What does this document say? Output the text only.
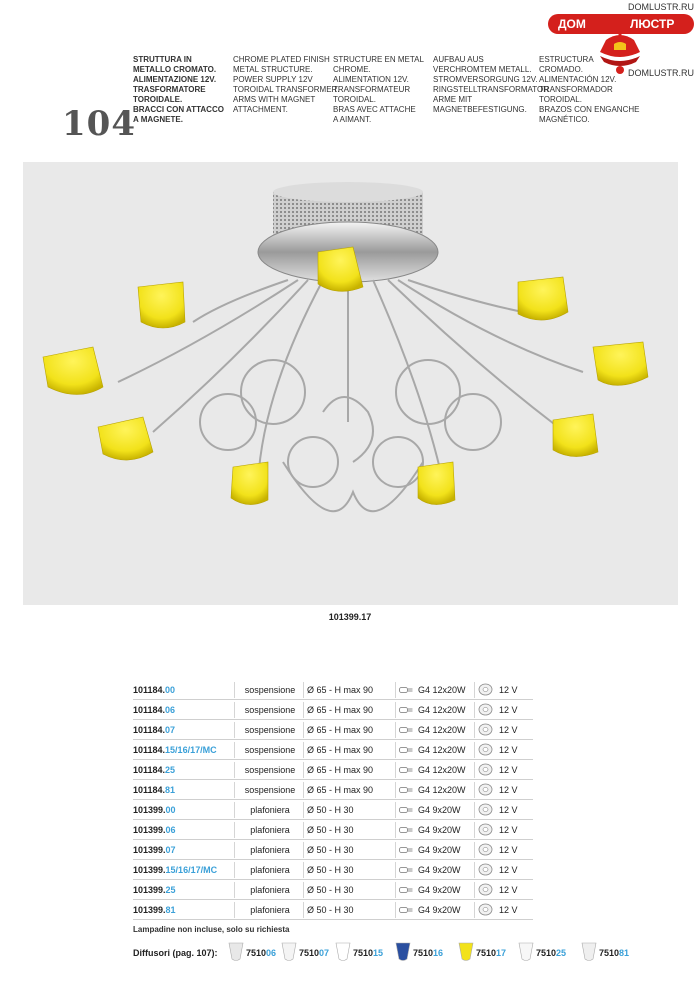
104
STRUTTURA IN
METALLO CROMATO.
ALIMENTAZIONE 12V.
TRASFORMATORE
TOROIDALE.
BRACCI CON ATTACCO
A MAGNETE.
CHROME PLATED FINISH
METAL STRUCTURE.
POWER SUPPLY 12V
TOROIDAL TRANSFORMER.
ARMS WITH MAGNET
ATTACHMENT.
STRUCTURE EN METAL
CHROME.
ALIMENTATION 12V.
TRANSFORMATEUR
TOROIDAL.
BRAS AVEC ATTACHE
A AIMANT.
AUFBAU AUS
VERCHROMTEM METALL.
STROMVERSORGUNG 12V.
RINGSTELLTRANSFORMATOR.
ARME MIT
MAGNETBEFESTIGUNG.
ESTRUCTURA
CROMADO.
ALIMENTACIÓN 12V.
TRANSFORMADOR
TOROIDAL.
BRAZOS CON ENGANCHE
MAGNÉTICO.
DOMLUSTR.RU
ДОМ	ЛЮСТР
DOMLUSTR.RU
101399.17
101184.00	sospensione	Ø 65 - H max 90	G4 12x20W	12 V
101184.06	sospensione	Ø 65 - H max 90	G4 12x20W	12 V
101184.07	sospensione	Ø 65 - H max 90	G4 12x20W	12 V
101184.15/16/17/MC	sospensione	Ø 65 - H max 90	G4 12x20W	12 V
101184.25	sospensione	Ø 65 - H max 90	G4 12x20W	12 V
101184.81	sospensione	Ø 65 - H max 90	G4 12x20W	12 V
101399.00	plafoniera	Ø 50 - H 30	G4 9x20W	12 V
101399.06	plafoniera	Ø 50 - H 30	G4 9x20W	12 V
101399.07	plafoniera	Ø 50 - H 30	G4 9x20W	12 V
101399.15/16/17/MC	plafoniera	Ø 50 - H 30	G4 9x20W	12 V
101399.25	plafoniera	Ø 50 - H 30	G4 9x20W	12 V
101399.81	plafoniera	Ø 50 - H 30	G4 9x20W	12 V
Lampadine non incluse, solo su richiesta
Diffusori (pag. 107):	751006	751007	751015	751016	751017	751025	751081
